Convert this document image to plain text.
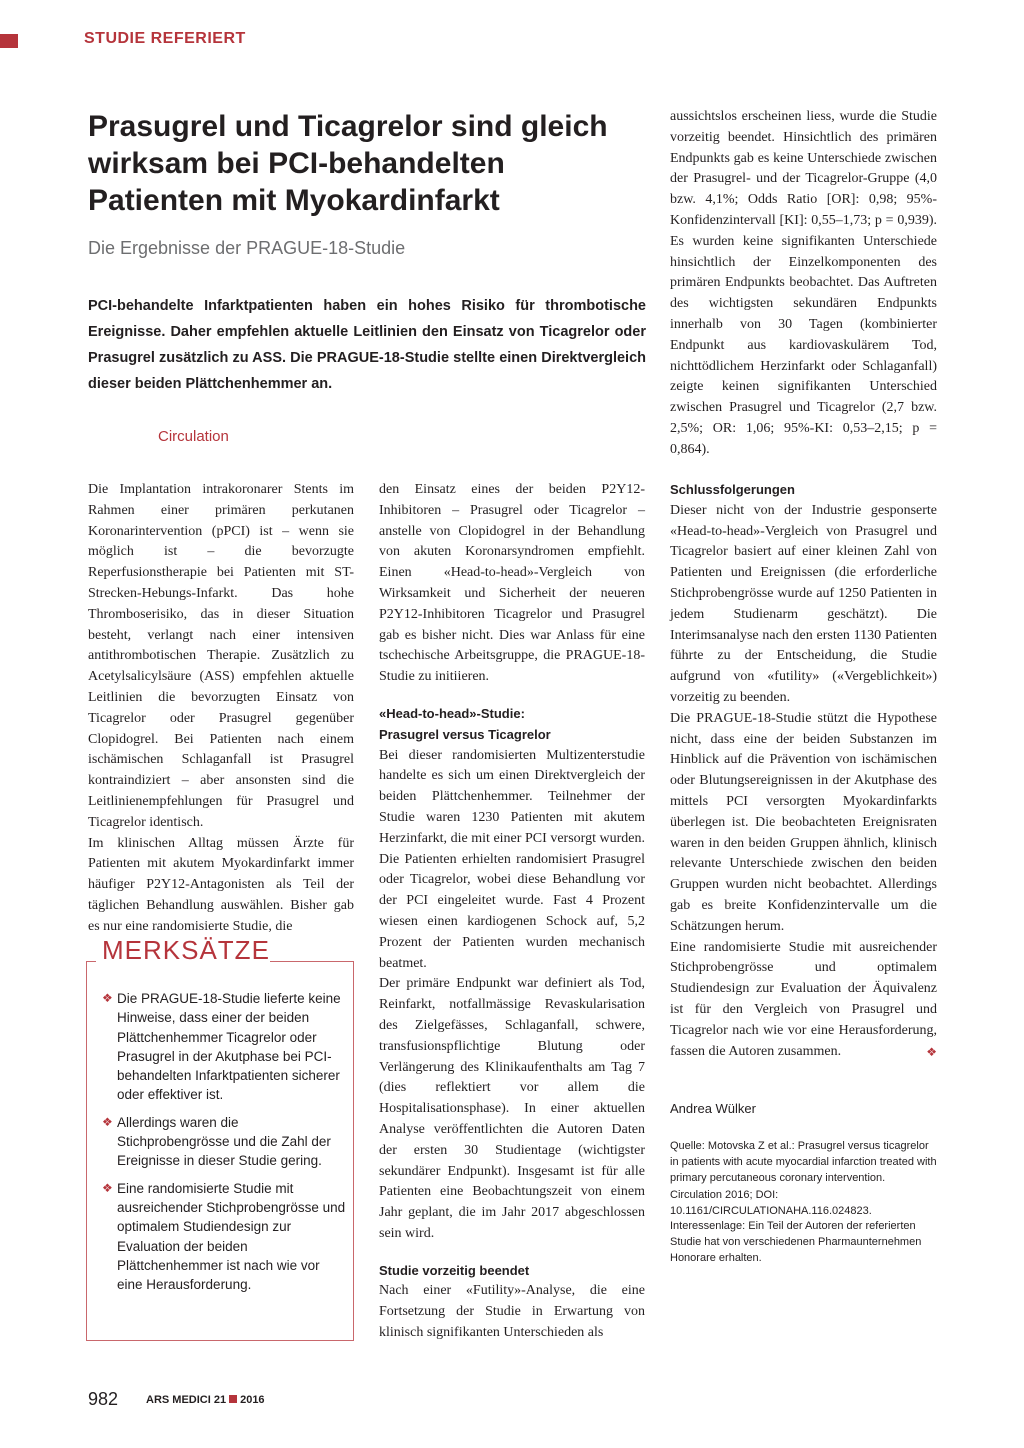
STUDIE REFERIERT
Prasugrel und Ticagrelor sind gleich wirksam bei PCI-behandelten Patienten mit Myokardinfarkt
Die Ergebnisse der PRAGUE-18-Studie
PCI-behandelte Infarktpatienten haben ein hohes Risiko für thrombotische Ereignisse. Daher empfehlen aktuelle Leitlinien den Einsatz von Ticagrelor oder Prasugrel zusätzlich zu ASS. Die PRAGUE-18-Studie stellte einen Direktvergleich dieser beiden Plättchenhemmer an.
Circulation

Die Implantation intrakoronarer Stents im Rahmen einer primären perkutanen Koronarintervention (pPCI) ist – wenn sie möglich ist – die bevorzugte Reperfusionstherapie bei Patienten mit ST-Strecken-Hebungs-Infarkt. Das hohe Thromboserisiko, das in dieser Situation besteht, verlangt nach einer intensiven antithrombotischen Therapie. Zusätzlich zu Acetylsalicylsäure (ASS) empfehlen aktuelle Leitlinien die bevorzugten Einsatz von Ticagrelor oder Prasugrel gegenüber Clopidogrel. Bei Patienten nach einem ischämischen Schlaganfall ist Prasugrel kontraindiziert – aber ansonsten sind die Leitlinienempfehlungen für Prasugrel und Ticagrelor identisch.

Im klinischen Alltag müssen Ärzte für Patienten mit akutem Myokardinfarkt immer häufiger P2Y12-Antagonisten als Teil der täglichen Behandlung auswählen. Bisher gab es nur eine randomisierte Studie, die

MERKSÄTZE
❖ Die PRAGUE-18-Studie lieferte keine Hinweise, dass einer der beiden Plättchenhemmer Ticagrelor oder Prasugrel in der Akutphase bei PCI-behandelten Infarktpatienten sicherer oder effektiver ist.
❖ Allerdings waren die Stichprobengrösse und die Zahl der Ereignisse in dieser Studie gering.
❖ Eine randomisierte Studie mit ausreichender Stichprobengrösse und optimalem Studiendesign zur Evaluation der beiden Plättchenhemmer ist nach wie vor eine Herausforderung.

den Einsatz eines der beiden P2Y12-Inhibitoren – Prasugrel oder Ticagrelor – anstelle von Clopidogrel in der Behandlung von akuten Koronarsyndromen empfiehlt. Einen «Head-to-head»-Vergleich von Wirksamkeit und Sicherheit der neueren P2Y12-Inhibitoren Ticagrelor und Prasugrel gab es bisher nicht. Dies war Anlass für eine tschechische Arbeitsgruppe, die PRAGUE-18-Studie zu initiieren.

«Head-to-head»-Studie:
Prasugrel versus Ticagrelor

Bei dieser randomisierten Multizenterstudie handelte es sich um einen Direktvergleich der beiden Plättchenhemmer. Teilnehmer der Studie waren 1230 Patienten mit akutem Herzinfarkt, die mit einer PCI versorgt wurden. Die Patienten erhielten randomisiert Prasugrel oder Ticagrelor, wobei diese Behandlung vor der PCI eingeleitet wurde. Fast 4 Prozent wiesen einen kardiogenen Schock auf, 5,2 Prozent der Patienten wurden mechanisch beatmet.

Der primäre Endpunkt war definiert als Tod, Reinfarkt, notfallmässige Revaskularisation des Zielgefässes, Schlaganfall, schwere, transfusionspflichtige Blutung oder Verlängerung des Klinikaufenthalts am Tag 7 (dies reflektiert vor allem die Hospitalisationsphase). In einer aktuellen Analyse veröffentlichten die Autoren Daten der ersten 30 Studientage (wichtigster sekundärer Endpunkt). Insgesamt ist für alle Patienten eine Beobachtungszeit von einem Jahr geplant, die im Jahr 2017 abgeschlossen sein wird.

Studie vorzeitig beendet

Nach einer «Futility»-Analyse, die eine Fortsetzung der Studie in Erwartung von klinisch signifikanten Unterschieden als

aussichtslos erscheinen liess, wurde die Studie vorzeitig beendet. Hinsichtlich des primären Endpunkts gab es keine Unterschiede zwischen der Prasugrel- und der Ticagrelor-Gruppe (4,0 bzw. 4,1%; Odds Ratio [OR]: 0,98; 95%-Konfidenzintervall [KI]: 0,55–1,73; p = 0,939). Es wurden keine signifikanten Unterschiede hinsichtlich der Einzelkomponenten des primären Endpunkts beobachtet. Das Auftreten des wichtigsten sekundären Endpunkts innerhalb von 30 Tagen (kombinierter Endpunkt aus kardiovaskulärem Tod, nichttödlichem Herzinfarkt oder Schlaganfall) zeigte keinen signifikanten Unterschied zwischen Prasugrel und Ticagrelor (2,7 bzw. 2,5%; OR: 1,06; 95%-KI: 0,53–2,15; p = 0,864).

Schlussfolgerungen

Dieser nicht von der Industrie gesponserte «Head-to-head»-Vergleich von Prasugrel und Ticagrelor basiert auf einer kleinen Zahl von Patienten und Ereignissen (die erforderliche Stichprobengrösse wurde auf 1250 Patienten in jedem Studienarm geschätzt). Die Interimsanalyse nach den ersten 1130 Patienten führte zu der Entscheidung, die Studie aufgrund von «futility» («Vergeblichkeit») vorzeitig zu beenden.

Die PRAGUE-18-Studie stützt die Hypothese nicht, dass eine der beiden Substanzen im Hinblick auf die Prävention von ischämischen oder Blutungsereignissen in der Akutphase des mittels PCI versorgten Myokardinfarkts überlegen ist. Die beobachteten Ereignisraten waren in den beiden Gruppen ähnlich, klinisch relevante Unterschiede zwischen den beiden Gruppen wurden nicht beobachtet. Allerdings gab es breite Konfidenzintervalle um die Schätzungen herum.

Eine randomisierte Studie mit ausreichender Stichprobengrösse und optimalem Studiendesign zur Evaluation der Äquivalenz ist für den Vergleich von Prasugrel und Ticagrelor nach wie vor eine Herausforderung, fassen die Autoren zusammen.	❖

Andrea Wülker
Quelle: Motovska Z et al.: Prasugrel versus ticagrelor in patients with acute myocardial infarction treated with primary percutaneous coronary intervention. Circulation 2016; DOI: 10.1161/CIRCULATIONAHA.116.024823.
Interessenlage: Ein Teil der Autoren der referierten Studie hat von verschiedenen Pharmaunternehmen Honorare erhalten.
982	ARS MEDICI 21 2016
